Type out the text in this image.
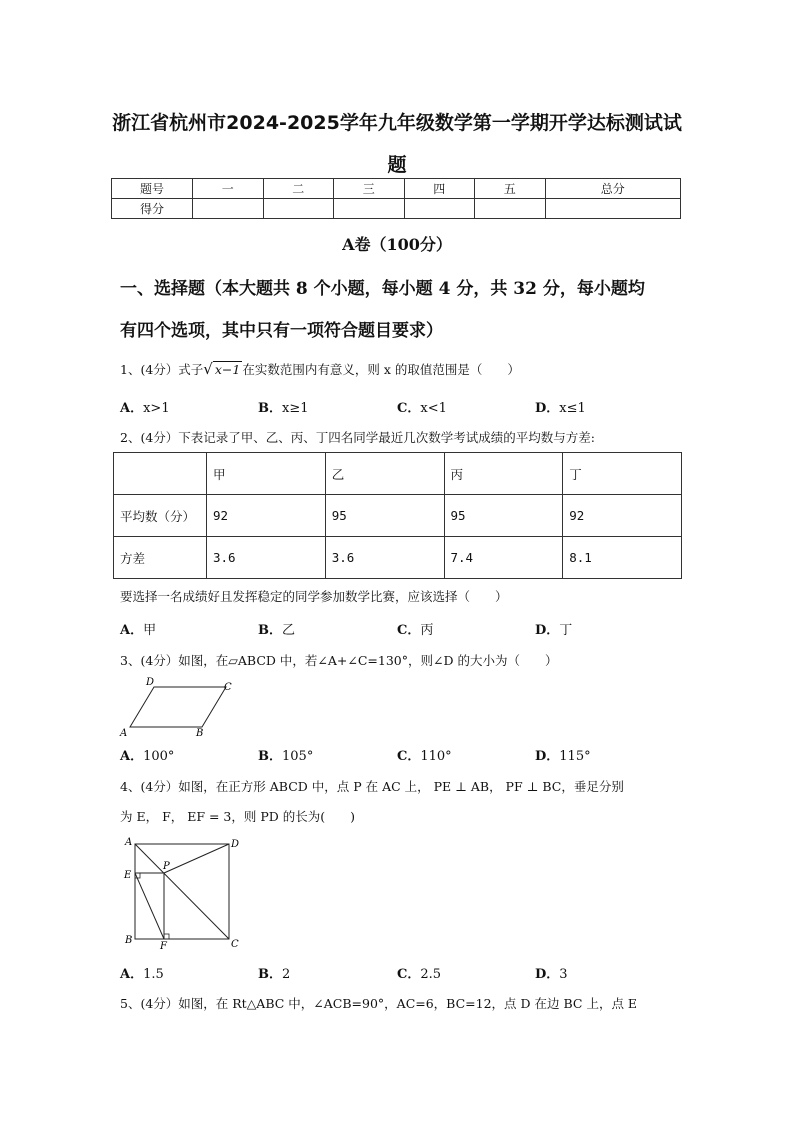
浙江省杭州市2024-2025学年九年级数学第一学期开学达标测试试
题
题号	一	二	三	四	五	总分
得分						
A卷（100分）
一、选择题（本大题共 8 个小题，每小题 4 分，共 32 分，每小题均
有四个选项，其中只有一项符合题目要求）
1、(4分）式子√ x−1 在实数范围内有意义，则 x 的取值范围是（　　）
A．x>1	B．x≥1	C．x<1	D．x≤1
2、(4分）下表记录了甲、乙、丙、丁四名同学最近几次数学考试成绩的平均数与方差:
	甲	乙	丙	丁
平均数（分）	92	95	95	92
方差	3.6	3.6	7.4	8.1
要选择一名成绩好且发挥稳定的同学参加数学比赛，应该选择（　　）
A．甲	B．乙	C．丙	D．丁
3、(4分）如图，在▱ABCD 中，若∠A+∠C=130°，则∠D 的大小为（　　）
A	B
C
D
A．100°	B．105°	C．110°	D．115°
4、(4分）如图，在正方形 ABCD 中，点 P 在 AC 上， PE ⊥ AB， PF ⊥ BC，垂足分别
为 E， F， EF = 3，则 PD 的长为(　　)
A
B	C
D
E
F
P
A．1.5	B．2	C．2.5	D．3
5、(4分）如图，在 Rt△ABC 中，∠ACB=90°，AC=6，BC=12，点 D 在边 BC 上，点 E
